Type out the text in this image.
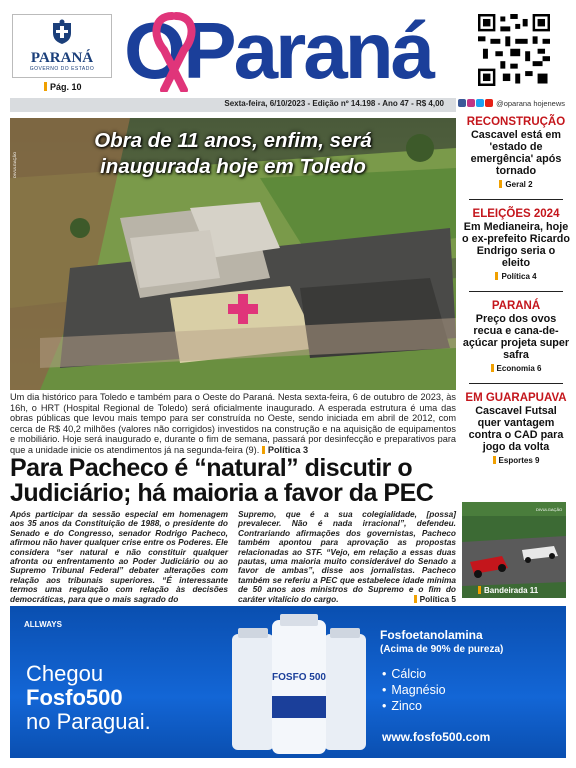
PARANÁ
GOVERNO DO ESTADO
Pág. 10 OParaná
Sexta-feira, 6/10/2023 - Edição nº 14.198 - Ano 47 - R$ 4,00	@oparana hojenews
DIVULGAÇÃO
Obra de 11 anos, enfim, será
inaugurada hoje em Toledo
Um dia histórico para Toledo e também para o Oeste do Paraná. Nesta sexta-feira, 6 de outubro de 2023, às 16h, o HRT (Hospital Regional de Toledo) será oficialmente inaugurado. A esperada estrutura é uma das obras públicas que levou mais tempo para ser construída no Oeste, sendo iniciada em abril de 2012, com cerca de R$ 40,2 milhões (valores não corrigidos) investidos na construção e na aquisição de equipamentos e mobiliário. Hoje será inaugurado e, durante o fim de semana, passará por desinfecção e preparativos para que a unidade inicie os atendimentos já na segunda-feira (9). Política 3
RECONSTRUÇÃO
Cascavel está em 'estado de emergência' após tornado
Geral 2
ELEIÇÕES 2024
Em Medianeira, hoje o ex-prefeito Ricardo Endrigo seria o eleito
Política 4
PARANÁ
Preço dos ovos recua e cana-de-açúcar projeta super safra
Economia 6
EM GUARAPUAVA
Cascavel Futsal quer vantagem contra o CAD para jogo da volta
Esportes 9
DIVULGAÇÃO
Bandeirada 11
Para Pacheco é “natural” discutir o Judiciário; há maioria a favor da PEC
Após participar da sessão especial em homenagem aos 35 anos da Constituição de 1988, o presidente do Senado e do Congresso, senador Rodrigo Pacheco, afirmou não haver qualquer crise entre os Poderes. Ele considera “ser natural e não constituir qualquer afronta ou enfrentamento ao Poder Judiciário ou ao Supremo Tribunal Federal” debater alterações com relação aos tribunais superiores. “É interessante termos uma regulação com relação às decisões democráticas, para que o mais sagrado do
Supremo, que é a sua colegialidade, [possa] prevalecer. Não é nada irracional”, defendeu. Contrariando afirmações dos governistas, Pacheco também apontou para aprovação as propostas relacionadas ao STF. “Vejo, em relação a essas duas pautas, uma maioria muito considerável do Senado a favor de ambas”, disse aos jornalistas. Pacheco também se referiu a PEC que estabelece idade mínima de 50 anos aos ministros do Supremo e o fim do caráter vitalício do cargo.	Política 5
ALLWAYS
Chegou
Fosfo500
no Paraguai.
FOSFO 500
Fosfoetanolamina
(Acima de 90% de pureza)
• Cálcio
• Magnésio
• Zinco
www.fosfo500.com
